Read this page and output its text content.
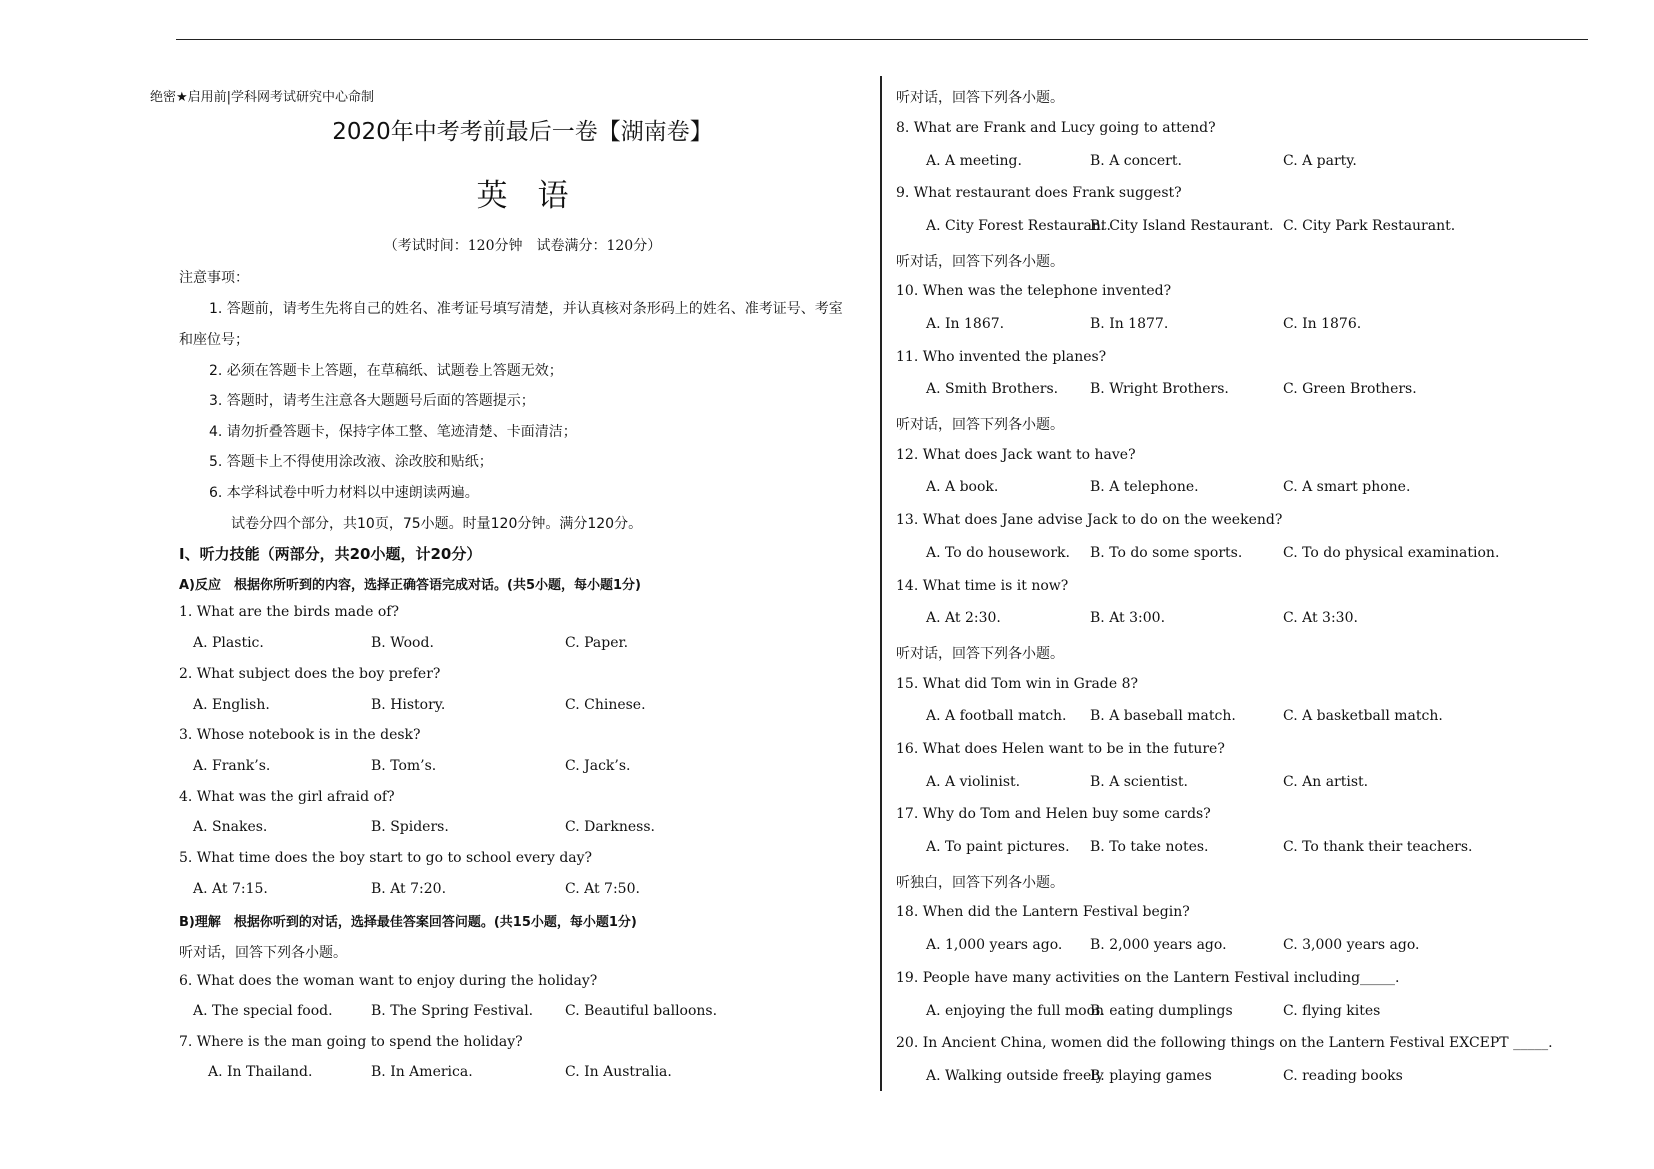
绝密★启用前|学科网考试研究中心命制
2020年中考考前最后一卷【湖南卷】
英语
（考试时间：120分钟　试卷满分：120分）
注意事项：
1. 答题前，请考生先将自己的姓名、准考证号填写清楚，并认真核对条形码上的姓名、准考证号、考室
和座位号；
2. 必须在答题卡上答题，在草稿纸、试题卷上答题无效；
3. 答题时，请考生注意各大题题号后面的答题提示；
4. 请勿折叠答题卡，保持字体工整、笔迹清楚、卡面清洁；
5. 答题卡上不得使用涂改液、涂改胶和贴纸；
6. 本学科试卷中听力材料以中速朗读两遍。
试卷分四个部分，共10页，75小题。时量120分钟。满分120分。
I、听力技能（两部分，共20小题，计20分）
A)反应　根据你所听到的内容，选择正确答语完成对话。(共5小题，每小题1分)
1. What are the birds made of?
A. Plastic.	B. Wood.	C. Paper.
2. What subject does the boy prefer?
A. English.	B. History.	C. Chinese.
3. Whose notebook is in the desk?
A. Frank’s.	B. Tom’s.	C. Jack’s.
4. What was the girl afraid of?
A. Snakes.	B. Spiders.	C. Darkness.
5. What time does the boy start to go to school every day?
A. At 7:15.	B. At 7:20.	C. At 7:50.
B)理解　根据你听到的对话，选择最佳答案回答问题。(共15小题，每小题1分)
听对话，回答下列各小题。
6. What does the woman want to enjoy during the holiday?
A. The special food.	B. The Spring Festival. C. Beautiful balloons.
7. Where is the man going to spend the holiday?
A. In Thailand.	B. In America.	C. In Australia.
听对话，回答下列各小题。
8. What are Frank and Lucy going to attend?
A. A meeting.	B. A concert.	C. A party.
9. What restaurant does Frank suggest?
A. City Forest Restaurant.
B. City Island Restaurant. C. City Park Restaurant.
听对话，回答下列各小题。
10. When was the telephone invented?
A. In 1867.	B. In 1877.	C. In 1876.
11. Who invented the planes?
A. Smith Brothers. B. Wright Brothers.	C. Green Brothers.
听对话，回答下列各小题。
12. What does Jack want to have?
A. A book.	B. A telephone.	C. A smart phone.
13. What does Jane advise Jack to do on the weekend?
A. To do housework. B. To do some sports.	C. To do physical examination.
14. What time is it now?
A. At 2:30.	B. At 3:00.	C. At 3:30.
听对话，回答下列各小题。
15. What did Tom win in Grade 8?
A. A football match. B. A baseball match.	C. A basketball match.
16. What does Helen want to be in the future?
A. A violinist.	B. A scientist.	C. An artist.
17. Why do Tom and Helen buy some cards?
A. To paint pictures. B. To take notes.	C. To thank their teachers.
听独白，回答下列各小题。
18. When did the Lantern Festival begin?
A. 1,000 years ago. B. 2,000 years ago.	C. 3,000 years ago.
19. People have many activities on the Lantern Festival including_____.
A. enjoying the full moon
B. eating dumplings	C. flying kites
20. In Ancient China, women did the following things on the Lantern Festival EXCEPT _____.
A. Walking outside freely
B. playing games	C. reading books
